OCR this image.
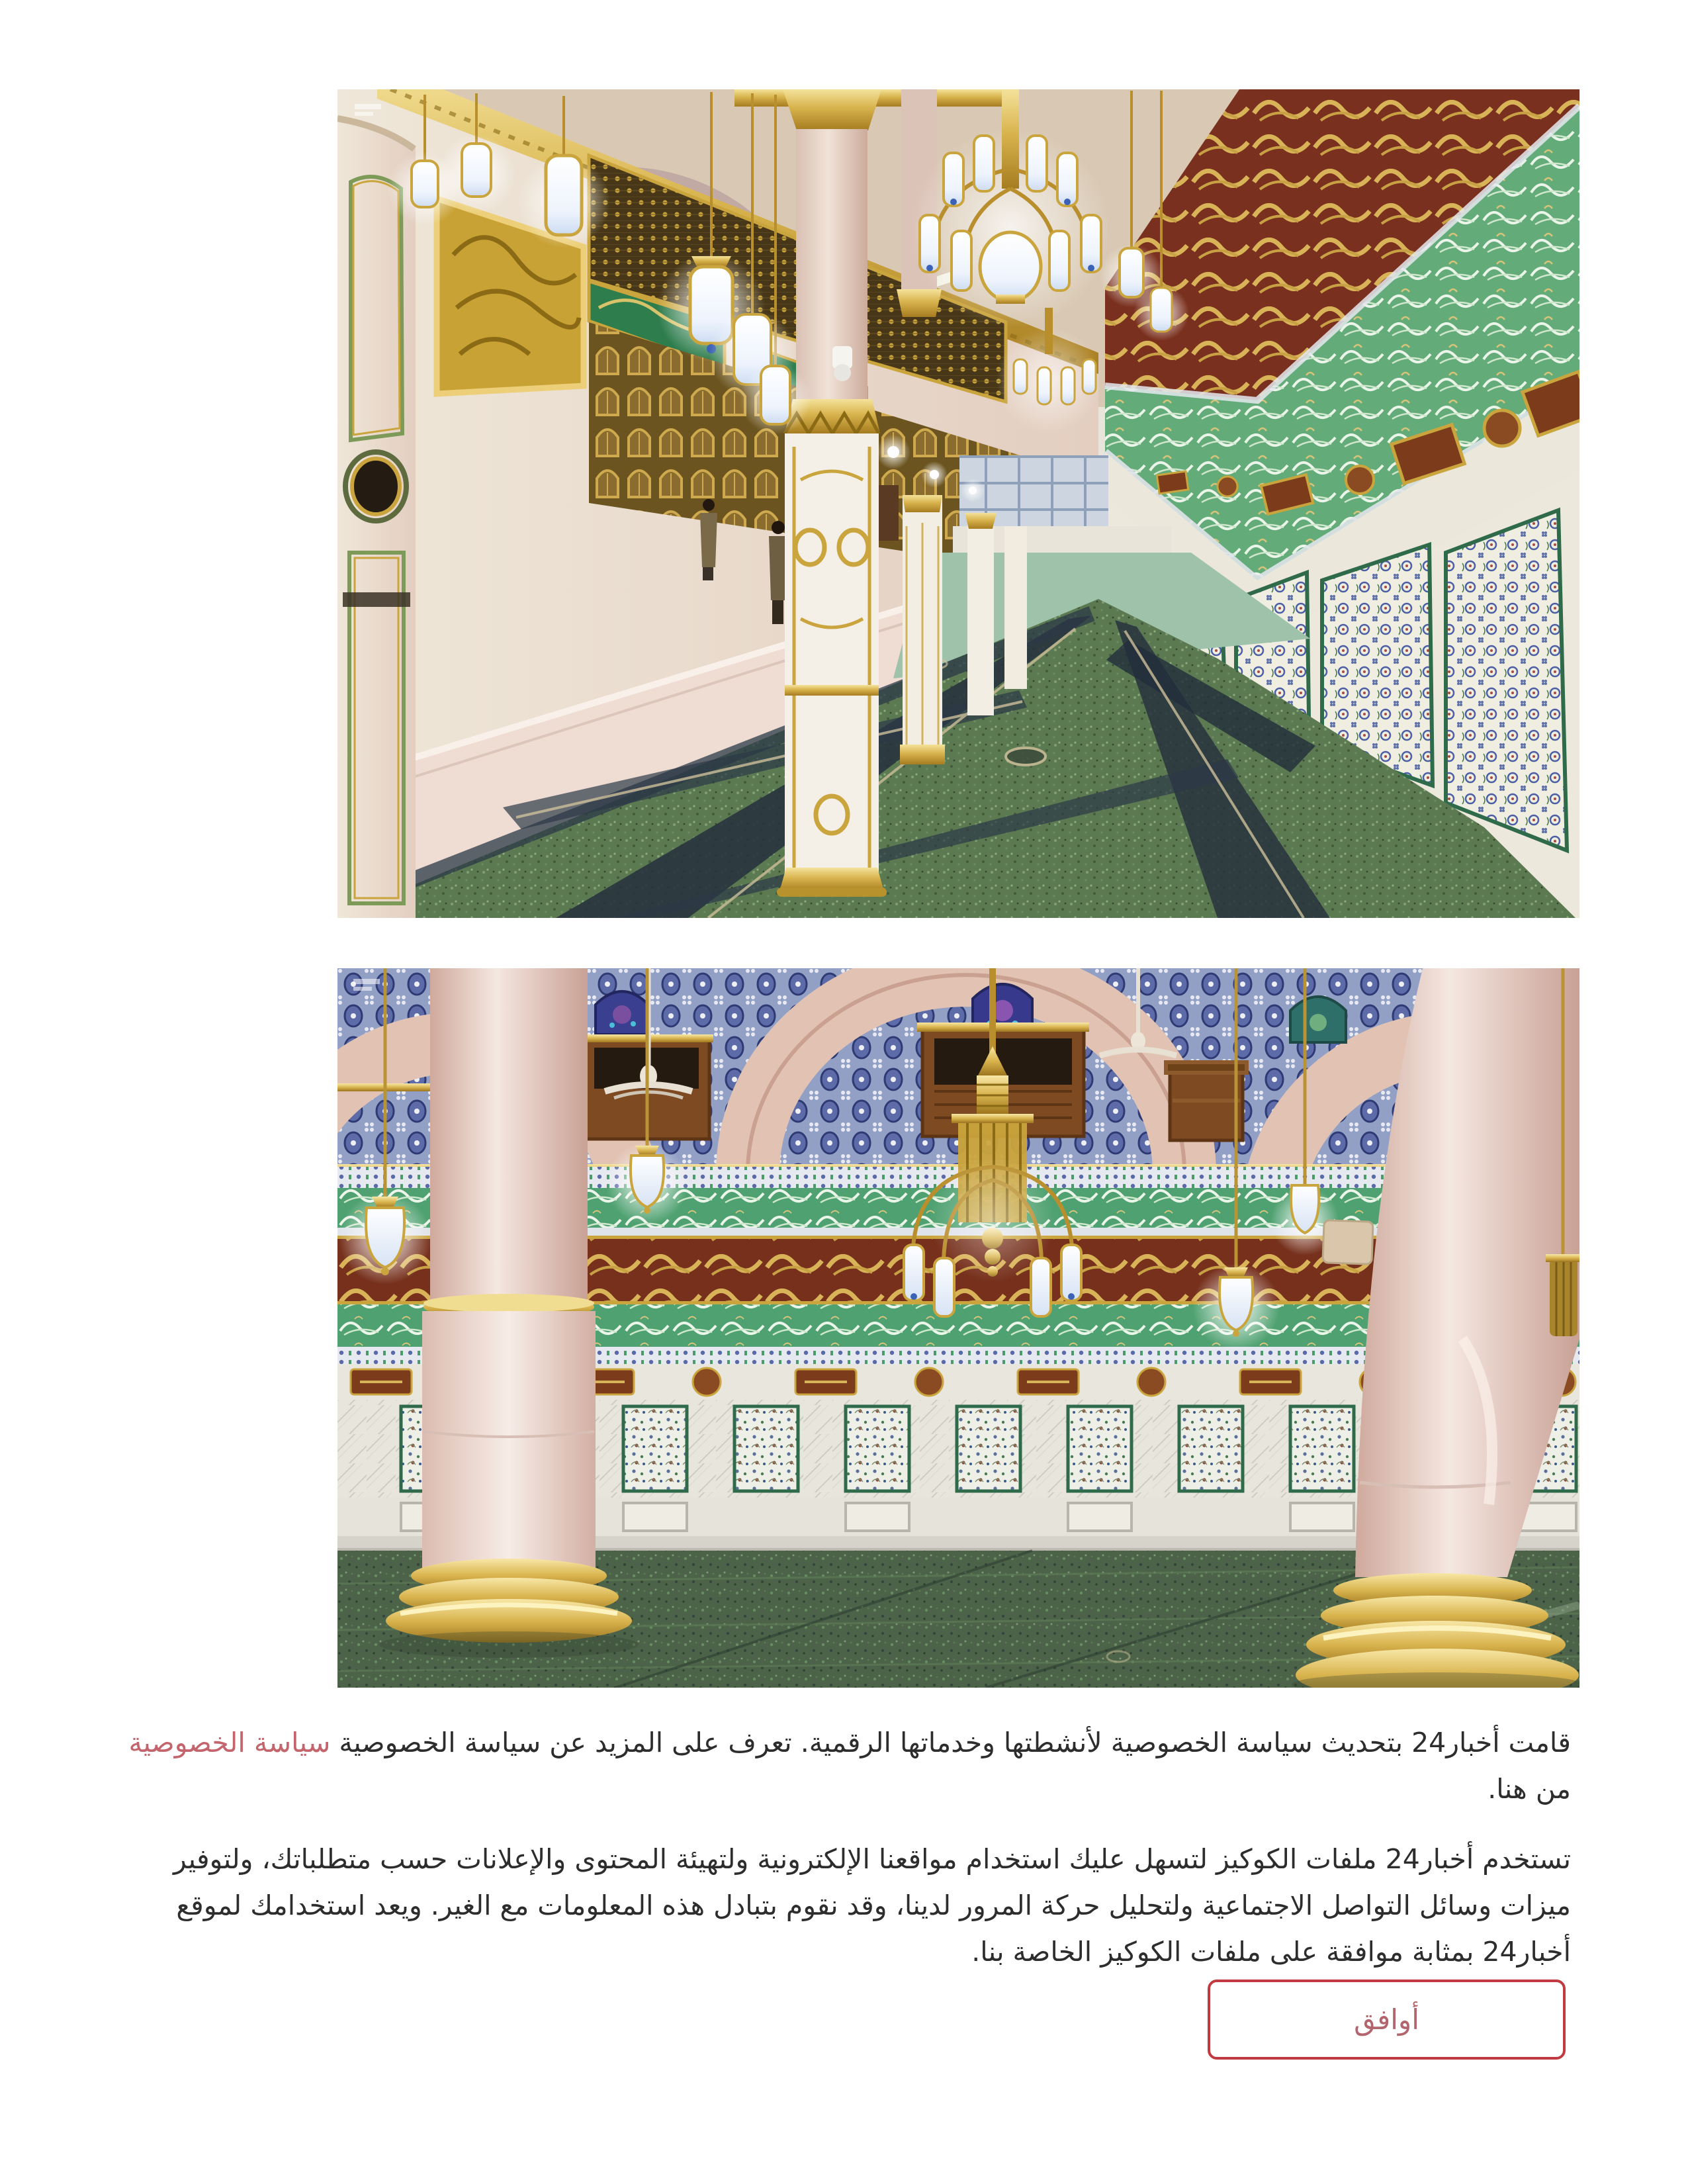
قامت أخبار24 بتحديث سياسة الخصوصية لأنشطتها وخدماتها الرقمية. تعرف على المزيد عن سياسة الخصوصية سياسة الخصوصية من هنا.

تستخدم أخبار24 ملفات الكوكيز لتسهل عليك استخدام مواقعنا الإلكترونية ولتهيئة المحتوى والإعلانات حسب متطلباتك، ولتوفير ميزات وسائل التواصل الاجتماعية ولتحليل حركة المرور لدينا، وقد نقوم بتبادل هذه المعلومات مع الغير. ويعد استخدامك لموقع أخبار24 بمثابة موافقة على ملفات الكوكيز الخاصة بنا.

أوافق
